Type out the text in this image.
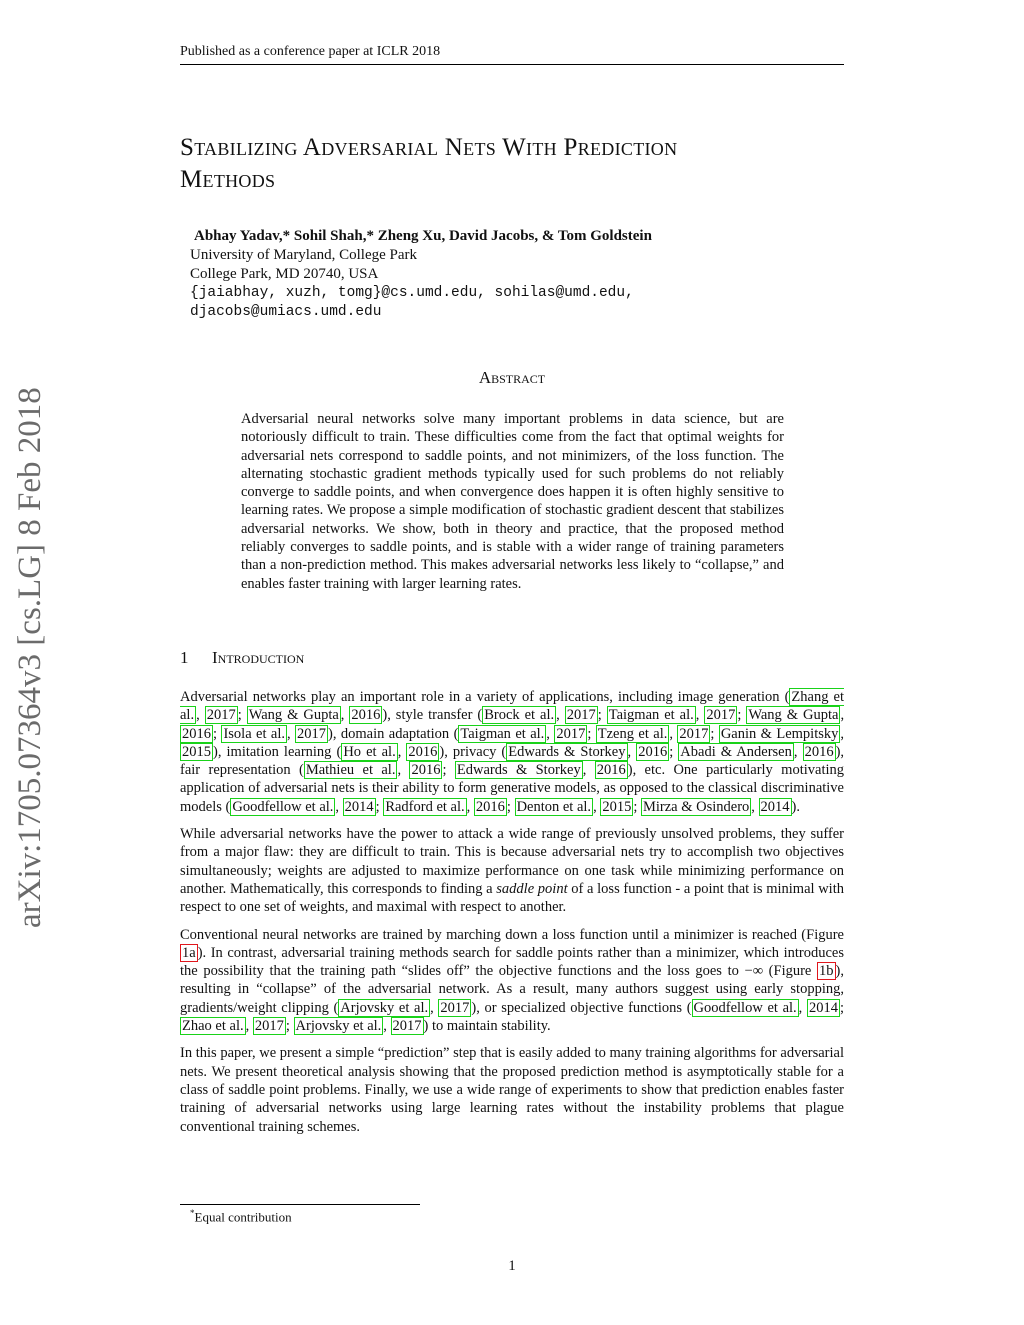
Published as a conference paper at ICLR 2018
arXiv:1705.07364v3 [cs.LG] 8 Feb 2018
Stabilizing Adversarial Nets With Prediction
Methods
Abhay Yadav,* Sohil Shah,* Zheng Xu, David Jacobs, & Tom Goldstein
University of Maryland, College Park
College Park, MD 20740, USA
{jaiabhay, xuzh, tomg}@cs.umd.edu, sohilas@umd.edu,
djacobs@umiacs.umd.edu
Abstract
Adversarial neural networks solve many important problems in data science, but are notoriously difficult to train. These difficulties come from the fact that optimal weights for adversarial nets correspond to saddle points, and not minimizers, of the loss function. The alternating stochastic gradient methods typically used for such problems do not reliably converge to saddle points, and when convergence does happen it is often highly sensitive to learning rates. We propose a simple modification of stochastic gradient descent that stabilizes adversarial networks. We show, both in theory and practice, that the proposed method reliably converges to saddle points, and is stable with a wider range of training parameters than a non-prediction method. This makes adversarial networks less likely to “collapse,” and enables faster training with larger learning rates.
1 Introduction

Adversarial networks play an important role in a variety of applications, including image generation ( Zhang et al. , 2017 ; Wang & Gupta , 2016 ), style transfer ( Brock et al. , 2017 ; Taigman et al. , 2017 ; Wang & Gupta , 2016 ; Isola et al. , 2017 ), domain adaptation ( Taigman et al. , 2017 ; Tzeng et al. , 2017 ; Ganin & Lempitsky , 2015 ), imitation learning ( Ho et al. , 2016 ), privacy ( Edwards & Storkey , 2016 ; Abadi & Andersen , 2016 ), fair representation ( Mathieu et al. , 2016 ; Edwards & Storkey , 2016 ), etc. One particularly motivating application of adversarial nets is their ability to form generative models, as opposed to the classical discriminative models ( Goodfellow et al. , 2014 ; Radford et al. , 2016 ; Denton et al. , 2015 ; Mirza & Osindero , 2014 ).

While adversarial networks have the power to attack a wide range of previously unsolved problems, they suffer from a major flaw: they are difficult to train. This is because adversarial nets try to accomplish two objectives simultaneously; weights are adjusted to maximize performance on one task while minimizing performance on another. Mathematically, this corresponds to finding a saddle point of a loss function - a point that is minimal with respect to one set of weights, and maximal with respect to another.

Conventional neural networks are trained by marching down a loss function until a minimizer is reached (Figure 1a ). In contrast, adversarial training methods search for saddle points rather than a minimizer, which introduces the possibility that the training path “slides off” the objective functions and the loss goes to −∞ (Figure 1b ), resulting in “collapse” of the adversarial network. As a result, many authors suggest using early stopping, gradients/weight clipping ( Arjovsky et al. , 2017 ), or specialized objective functions ( Goodfellow et al. , 2014 ; Zhao et al. , 2017 ; Arjovsky et al. , 2017 ) to maintain stability.

In this paper, we present a simple “prediction” step that is easily added to many training algorithms for adversarial nets. We present theoretical analysis showing that the proposed prediction method is asymptotically stable for a class of saddle point problems. Finally, we use a wide range of experiments to show that prediction enables faster training of adversarial networks using large learning rates without the instability problems that plague conventional training schemes.

*Equal contribution
1
